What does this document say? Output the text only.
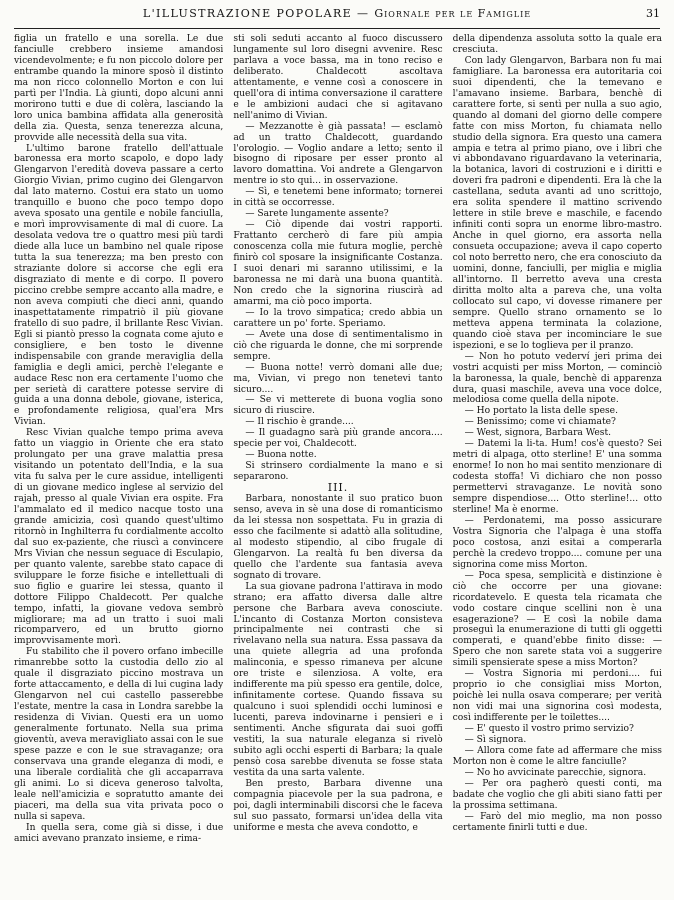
L'ILLUSTRAZIONE POPOLARE — Giornale per le Famiglie	31

figlia un fratello e una sorella. Le due fanciulle crebbero insieme amandosi vicendevolmente; e fu non piccolo dolore per entrambe quando la minore sposò il distinto ma non ricco colonnello Morton e con lui partì per l'India. Là giunti, dopo alcuni anni morirono tutti e due di colèra, lasciando la loro unica bambina affidata alla generosità della zia. Questa, senza tenerezza alcuna, provvide alle necessità della sua vita.

L'ultimo barone fratello dell'attuale baronessa era morto scapolo, e dopo lady Glengarvon l'eredità doveva passare a certo Giorgio Vivian, primo cugino dei Glengarvon dal lato materno. Costui era stato un uomo tranquillo e buono che poco tempo dopo aveva sposato una gentile e nobile fanciulla, e morì improvvisamente di mal di cuore. La desolata vedova tre o quattro mesi più tardi diede alla luce un bambino nel quale ripose tutta la sua tenerezza; ma ben presto con straziante dolore si accorse che egli era disgraziato di mente e di corpo. Il povero piccino crebbe sempre accanto alla madre, e non aveva compiuti che dieci anni, quando inaspettatamente rimpatriò il più giovane fratello di suo padre, il brillante Resc Vivian. Egli si piantò presso la cognata come ajuto e consigliere, e ben tosto le divenne indispensabile con grande meraviglia della famiglia e degli amici, perchè l'elegante e audace Resc non era certamente l'uomo che per serietà di carattere potesse servire di guida a una donna debole, giovane, isterica, e profondamente religiosa, qual'era Mrs Vivian.

Resc Vivian qualche tempo prima aveva fatto un viaggio in Oriente che era stato prolungato per una grave malattia presa visitando un potentato dell'India, e la sua vita fu salva per le cure assidue, intelligenti di un giovane medico inglese al servizio del rajah, presso al quale Vivian era ospite. Fra l'ammalato ed il medico nacque tosto una grande amicizia, così quando quest'ultimo ritornò in Inghilterra fu cordialmente accolto dal suo ex-paziente, che riuscì a convincere Mrs Vivian che nessun seguace di Esculapio, per quanto valente, sarebbe stato capace di sviluppare le forze fisiche e intellettuali di suo figlio e guarire lei stessa, quanto il dottore Filippo Chaldecott. Per qualche tempo, infatti, la giovane vedova sembrò migliorare; ma ad un tratto i suoi mali ricomparvero, ed un brutto giorno improvvisamente morì.

Fu stabilito che il povero orfano imbecille rimanrebbe sotto la custodia dello zio al quale il disgraziato piccino mostrava un forte attaccamento, e della di lui cugina lady Glengarvon nel cui castello passerebbe l'estate, mentre la casa in Londra sarebbe la residenza di Vivian. Questi era un uomo generalmente fortunato. Nella sua prima gioventù, aveva meravigliato assai con le sue spese pazze e con le sue stravaganze; ora conservava una grande eleganza di modi, e una liberale cordialità che gli accaparrava gli animi. Lo si diceva generoso talvolta, leale nell'amicizia e sopratutto amante dei piaceri, ma della sua vita privata poco o nulla si sapeva.

In quella sera, come già si disse, i due amici avevano pranzato insieme, e rima-

sti soli seduti accanto al fuoco discussero lungamente sul loro disegni avvenire. Resc parlava a voce bassa, ma in tono reciso e deliberato. Chaldecott ascoltava attentamente, e venne così a conoscere in quell'ora di intima conversazione il carattere e le ambizioni audaci che si agitavano nell'animo di Vivian.

— Mezzanotte è già passata! — esclamò ad un tratto Chaldecott, guardando l'orologio. — Voglio andare a letto; sento il bisogno di riposare per esser pronto al lavoro domattina. Voi andrete a Glengarvon mentre io sto qui... in osservazione.

— Sì, e tenetemi bene informato; tornerei in città se occorresse.

— Sarete lungamente assente?

— Ciò dipende dai vostri rapporti. Frattanto cercherò di fare più ampia conoscenza colla mie futura moglie, perchè finirò col sposare la insignificante Costanza. I suoi denari mi saranno utilissimi, e la baronessa ne mi darà una buona quantità. Non credo che la signorina riuscirà ad amarmi, ma ciò poco importa.

— Io la trovo simpatica; credo abbia un carattere un po' forte. Speriamo.

— Avete una dose di sentimentalismo in ciò che riguarda le donne, che mi sorprende sempre.

— Buona notte! verrò domani alle due; ma, Vivian, vi prego non tenetevi tanto sicuro....

— Se vi metterete di buona voglia sono sicuro di riuscire.

— Il rischio è grande....

— Il guadagno sarà più grande ancora.... specie per voi, Chaldecott.

— Buona notte.

Si strinsero cordialmente la mano e si separarono.

III.

Barbara, nonostante il suo pratico buon senso, aveva in sè una dose di romanticismo da lei stessa non sospettata. Fu in grazia di esso che facilmente si adattò alla solitudine, al modesto stipendio, al cibo frugale di Glengarvon. La realtà fu ben diversa da quello che l'ardente sua fantasia aveva sognato di trovare.

La sua giovane padrona l'attirava in modo strano; era affatto diversa dalle altre persone che Barbara aveva conosciute. L'incanto di Costanza Morton consisteva principalmente nei contrasti che si rivelavano nella sua natura. Essa passava da una quiete allegria ad una profonda malinconia, e spesso rimaneva per alcune ore triste e silenziosa. A volte, era indifferente ma più spesso era gentile, dolce, infinitamente cortese. Quando fissava su qualcuno i suoi splendidi occhi luminosi e lucenti, pareva indovinarne i pensieri e i sentimenti. Anche sfigurata dai suoi goffi vestiti, la sua naturale eleganza si rivelò subito agli occhi esperti di Barbara; la quale pensò cosa sarebbe divenuta se fosse stata vestita da una sarta valente.

Ben presto, Barbara divenne una compagnia piacevole per la sua padrona, e poi, dagli interminabili discorsi che le faceva sul suo passato, formarsi un'idea della vita uniforme e mesta che aveva condotto, e

della dipendenza assoluta sotto la quale era cresciuta.

Con lady Glengarvon, Barbara non fu mai famigliare. La baronessa era autoritaria coi suoi dipendenti, che la temevano e l'amavano insieme. Barbara, benchè di carattere forte, si sentì per nulla a suo agio, quando al domani del giorno delle compere fatte con miss Morton, fu chiamata nello studio della signora. Era questo una camera ampia e tetra al primo piano, ove i libri che vi abbondavano riguardavano la veterinaria, la botanica, lavori di costruzioni e i diritti e doveri fra padroni e dipendenti. Era là che la castellana, seduta avanti ad uno scrittojo, era solita spendere il mattino scrivendo lettere in stile breve e maschile, e facendo infiniti conti sopra un enorme libro-mastro. Anche in quel giorno, era assorta nella consueta occupazione; aveva il capo coperto col noto berretto nero, che era conosciuto da uomini, donne, fanciulli, per miglia e miglia all'intorno. Il berretto aveva una cresta diritta molto alta a pareva che, una volta collocato sul capo, vi dovesse rimanere per sempre. Quello strano ornamento se lo metteva appena terminata la colazione, quando cioè stava per incominciare le sue ispezioni, e se lo toglieva per il pranzo.

— Non ho potuto vederví jeri prima dei vostri acquisti per miss Morton, — cominciò la baronessa, la quale, benchè di apparenza dura, quasi maschile, aveva una voce dolce, melodiosa come quella della nipote.

— Ho portato la lista delle spese.

— Benissimo; come vi chiamate?

— West, signora, Barbara West.

— Datemi la li-ta. Hum! cos'è questo? Sei metri di alpaga, otto sterline! E' una somma enorme! Io non ho mai sentito menzionare di codesta stoffa! Vi dichiaro che non posso permettervi stravaganze. Le novità sono sempre dispendiose.... Otto sterline!... otto sterline! Ma è enorme.

— Perdonatemi, ma posso assicurare Vostra Signoria che l'alpaga è una stoffa poco costosa, anzi esitai a comperarla perchè la credevo troppo.... comune per una signorina come miss Morton.

— Poca spesa, semplicità e distinzione è ciò che occorre per una giovane: ricordatevelo. E questa tela ricamata che vodo costare cinque scellini non è una esagerazione? — E così la nobile dama proseguì la enumerazione di tutti gli oggetti comperati, e quand'ebbe finito disse: — Spero che non sarete stata voi a suggerire simili spensierate spese a miss Morton?

— Vostra Signoria mi perdoni.... fui proprio io che consigliai miss Morton, poichè lei nulla osava comperare; per verità non vidi mai una signorina così modesta, così indifferente per le toilettes....

— E' questo il vostro primo servizio?

— Sì signora.

— Allora come fate ad affermare che miss Morton non è come le altre fanciulle?

— No ho avvicinate parecchie, signora.

— Per ora pagherò questi conti, ma badate che voglio che gli abiti siano fatti per la prossima settimana.

— Farò del mio meglio, ma non posso certamente finirli tutti e due.
